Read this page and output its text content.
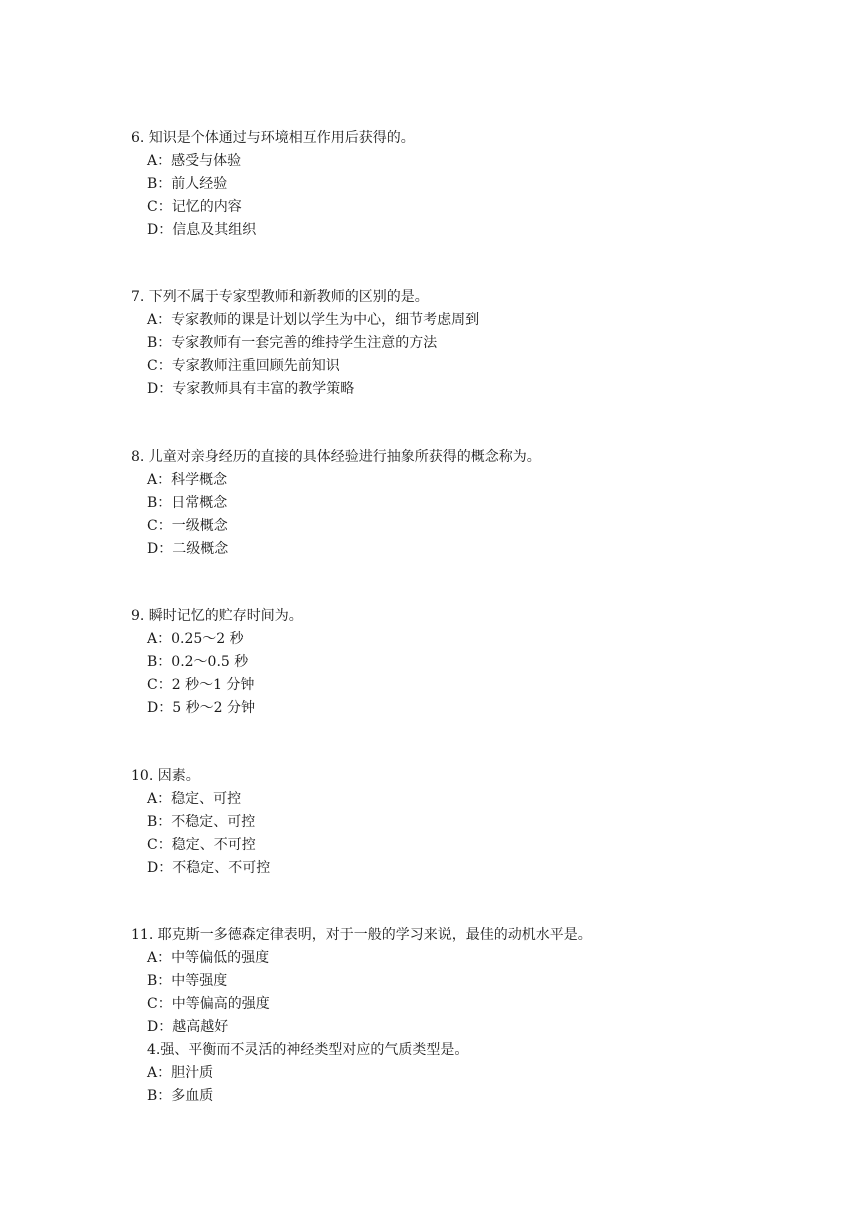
6. 知识是个体通过与环境相互作用后获得的。

A：感受与体验

B：前人经验

C：记忆的内容

D：信息及其组织

7. 下列不属于专家型教师和新教师的区别的是。

A：专家教师的课是计划以学生为中心，细节考虑周到

B：专家教师有一套完善的维持学生注意的方法

C：专家教师注重回顾先前知识

D：专家教师具有丰富的教学策略

8. 儿童对亲身经历的直接的具体经验进行抽象所获得的概念称为。

A：科学概念

B：日常概念

C：一级概念

D：二级概念

9. 瞬时记忆的贮存时间为。

A：0.25～2 秒

B：0.2～0.5 秒

C：2 秒～1 分钟

D：5 秒～2 分钟

10. 因素。

A：稳定、可控

B：不稳定、可控

C：稳定、不可控

D：不稳定、不可控

11. 耶克斯一多德森定律表明，对于一般的学习来说，最佳的动机水平是。

A：中等偏低的强度

B：中等强度

C：中等偏高的强度

D：越高越好

4.强、平衡而不灵活的神经类型对应的气质类型是。

A：胆汁质

B：多血质
